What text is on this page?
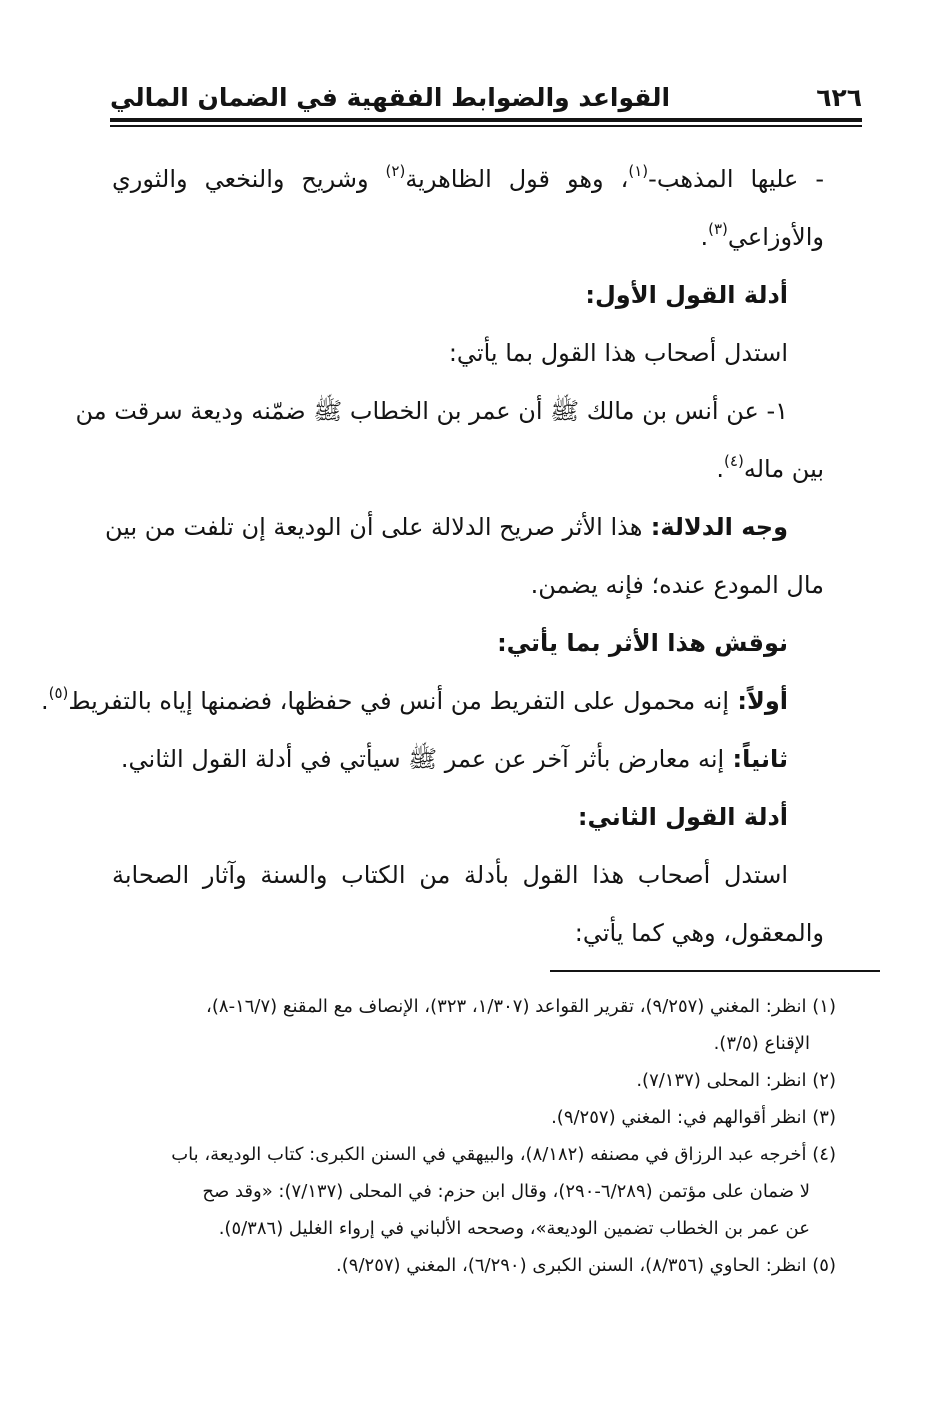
٦٢٦
القواعد والضوابط الفقهية في الضمان المالي
- عليها المذهب-$^{(١)}$، وهو قول الظاهرية$^{(٢)}$ وشريح والنخعي والثوري
والأوزاعي$^{(٣)}$.
أدلة القول الأول:
استدل أصحاب هذا القول بما يأتي:
١- عن أنس بن مالك ﷺ أن عمر بن الخطاب ﷺ ضمّنه وديعة سرقت من
بين ماله$^{(٤)}$.
وجه الدلالة: هذا الأثر صريح الدلالة على أن الوديعة إن تلفت من بين
مال المودع عنده؛ فإنه يضمن.
نوقش هذا الأثر بما يأتي:
أولاً: إنه محمول على التفريط من أنس في حفظها، فضمنها إياه بالتفريط$^{(٥)}$.
ثانياً: إنه معارض بأثر آخر عن عمر ﷺ سيأتي في أدلة القول الثاني.
أدلة القول الثاني:
استدل أصحاب هذا القول بأدلة من الكتاب والسنة وآثار الصحابة
والمعقول، وهي كما يأتي:
(١) انظر: المغني (٩/٢٥٧)، تقرير القواعد (١/٣٠٧، ٣٢٣)، الإنصاف مع المقنع (١٦/٧-٨)،
الإقناع (٣/٥).
(٢) انظر: المحلى (٧/١٣٧).
(٣) انظر أقوالهم في: المغني (٩/٢٥٧).
(٤) أخرجه عبد الرزاق في مصنفه (٨/١٨٢)، والبيهقي في السنن الكبرى: كتاب الوديعة، باب
لا ضمان على مؤتمن (٦/٢٨٩-٢٩٠)، وقال ابن حزم: في المحلى (٧/١٣٧): «وقد صح
عن عمر بن الخطاب تضمين الوديعة»، وصححه الألباني في إرواء الغليل (٥/٣٨٦).
(٥) انظر: الحاوي (٨/٣٥٦)، السنن الكبرى (٦/٢٩٠)، المغني (٩/٢٥٧).
